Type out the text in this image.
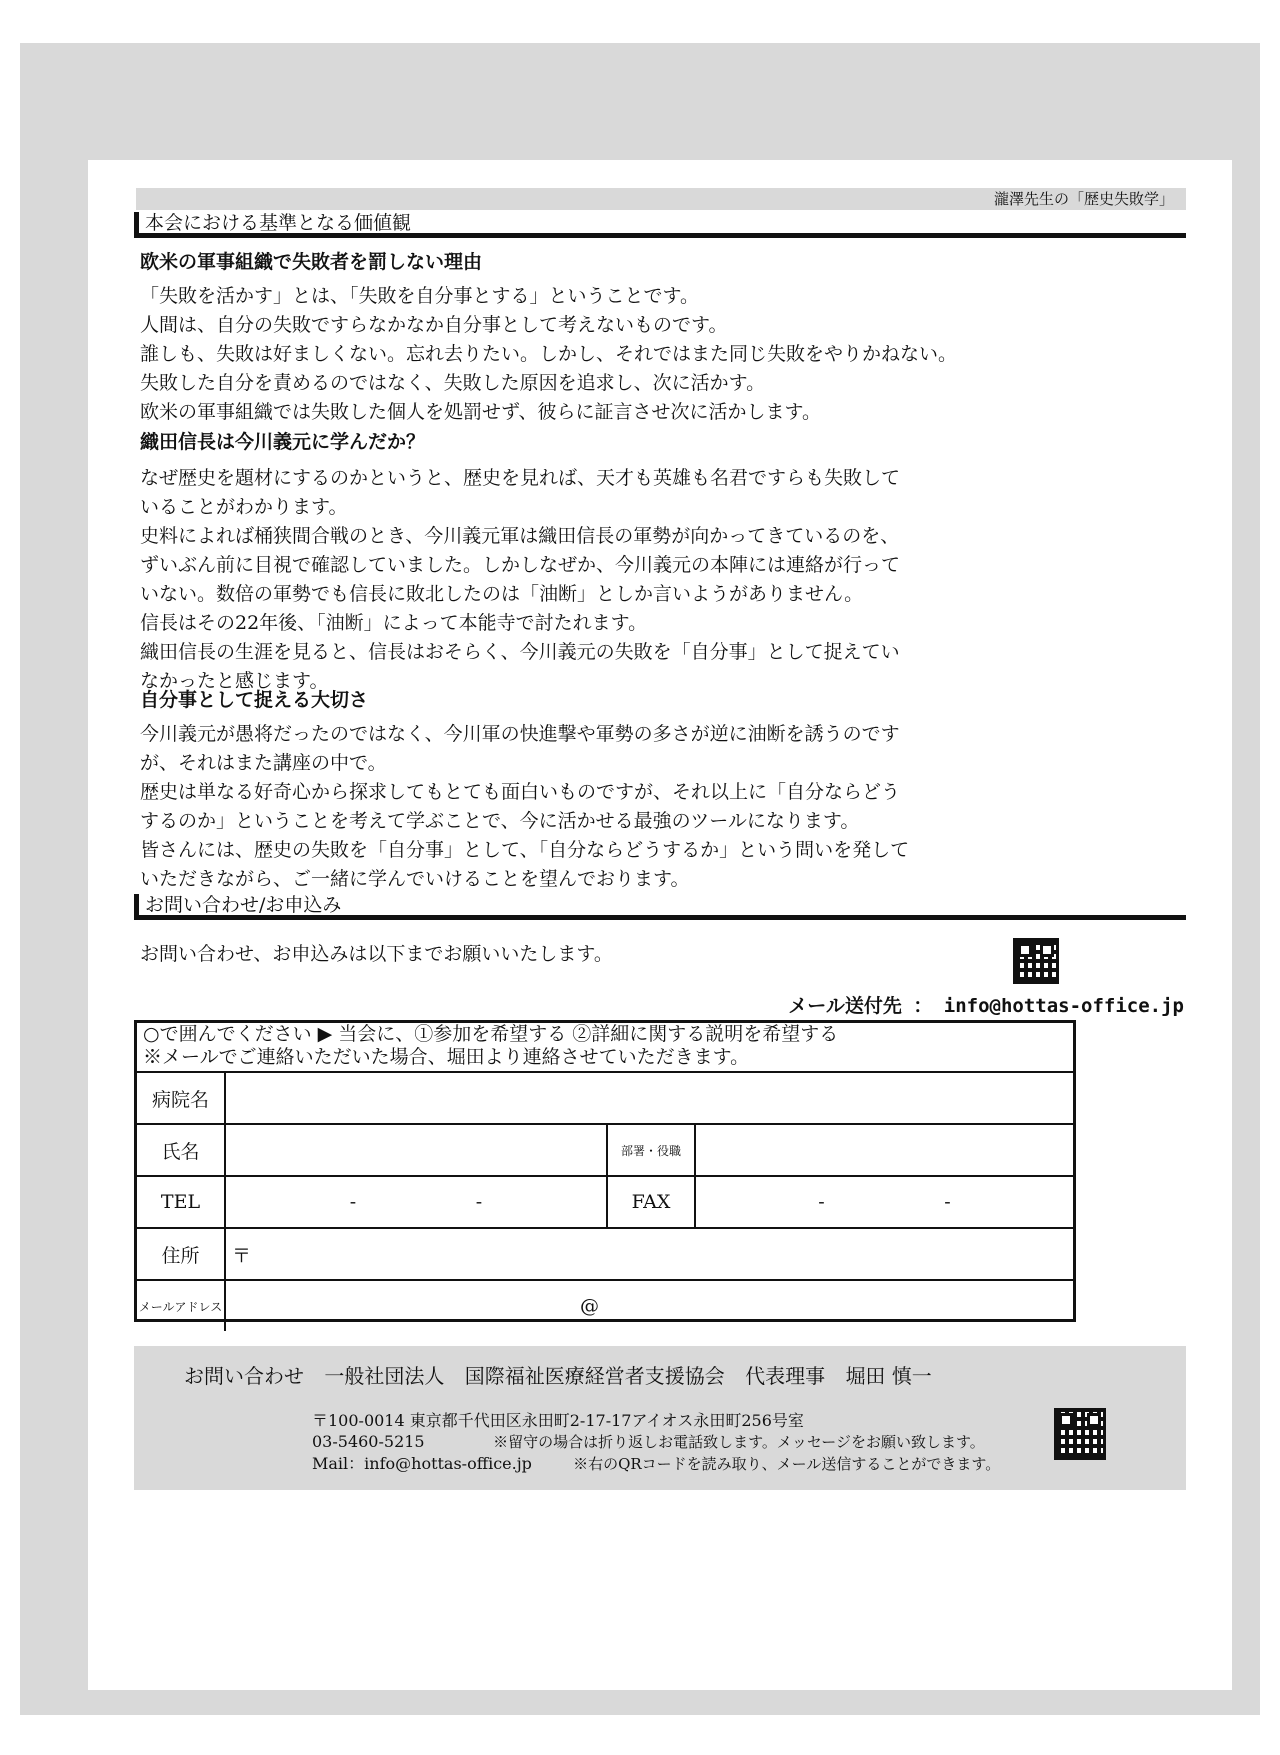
瀧澤先生の「歴史失敗学」
本会における基準となる価値観
欧米の軍事組織で失敗者を罰しない理由
「失敗を活かす」とは、「失敗を自分事とする」ということです。
人間は、自分の失敗ですらなかなか自分事として考えないものです。
誰しも、失敗は好ましくない。忘れ去りたい。しかし、それではまた同じ失敗をやりかねない。
失敗した自分を責めるのではなく、失敗した原因を追求し、次に活かす。
欧米の軍事組織では失敗した個人を処罰せず、彼らに証言させ次に活かします。
織田信長は今川義元に学んだか？
なぜ歴史を題材にするのかというと、歴史を見れば、天才も英雄も名君ですらも失敗して
いることがわかります。
史料によれば桶狭間合戦のとき、今川義元軍は織田信長の軍勢が向かってきているのを、
ずいぶん前に目視で確認していました。しかしなぜか、今川義元の本陣には連絡が行って
いない。数倍の軍勢でも信長に敗北したのは「油断」としか言いようがありません。
信長はその22年後、「油断」によって本能寺で討たれます。
織田信長の生涯を見ると、信長はおそらく、今川義元の失敗を「自分事」として捉えてい
なかったと感じます。
自分事として捉える大切さ
今川義元が愚将だったのではなく、今川軍の快進撃や軍勢の多さが逆に油断を誘うのです
が、それはまた講座の中で。
歴史は単なる好奇心から探求してもとても面白いものですが、それ以上に「自分ならどう
するのか」ということを考えて学ぶことで、今に活かせる最強のツールになります。
皆さんには、歴史の失敗を「自分事」として、「自分ならどうするか」という問いを発して
いただきながら、ご一緒に学んでいけることを望んでおります。
お問い合わせ/お申込み
お問い合わせ、お申込みは以下までお願いいたします。
メール送付先 ： info@hottas-office.jp
○で囲んでください ▶ 当会に、①参加を希望する ②詳細に関する説明を希望する
※メールでご連絡いただいた場合、堀田より連絡させていただきます。
病院名			
氏名		部署・役職	
TEL	- -	FAX	- -
住所	〒		
メールアドレス	@		
お問い合わせ 一般社団法人 国際福祉医療経営者支援協会 代表理事 堀田 慎一
〒100-0014 東京都千代田区永田町2-17-17アイオス永田町256号室
03-5460-5215	※留守の場合は折り返しお電話致します。メッセージをお願い致します。
Mail：info@hottas-office.jp	※右のQRコードを読み取り、メール送信することができます。
